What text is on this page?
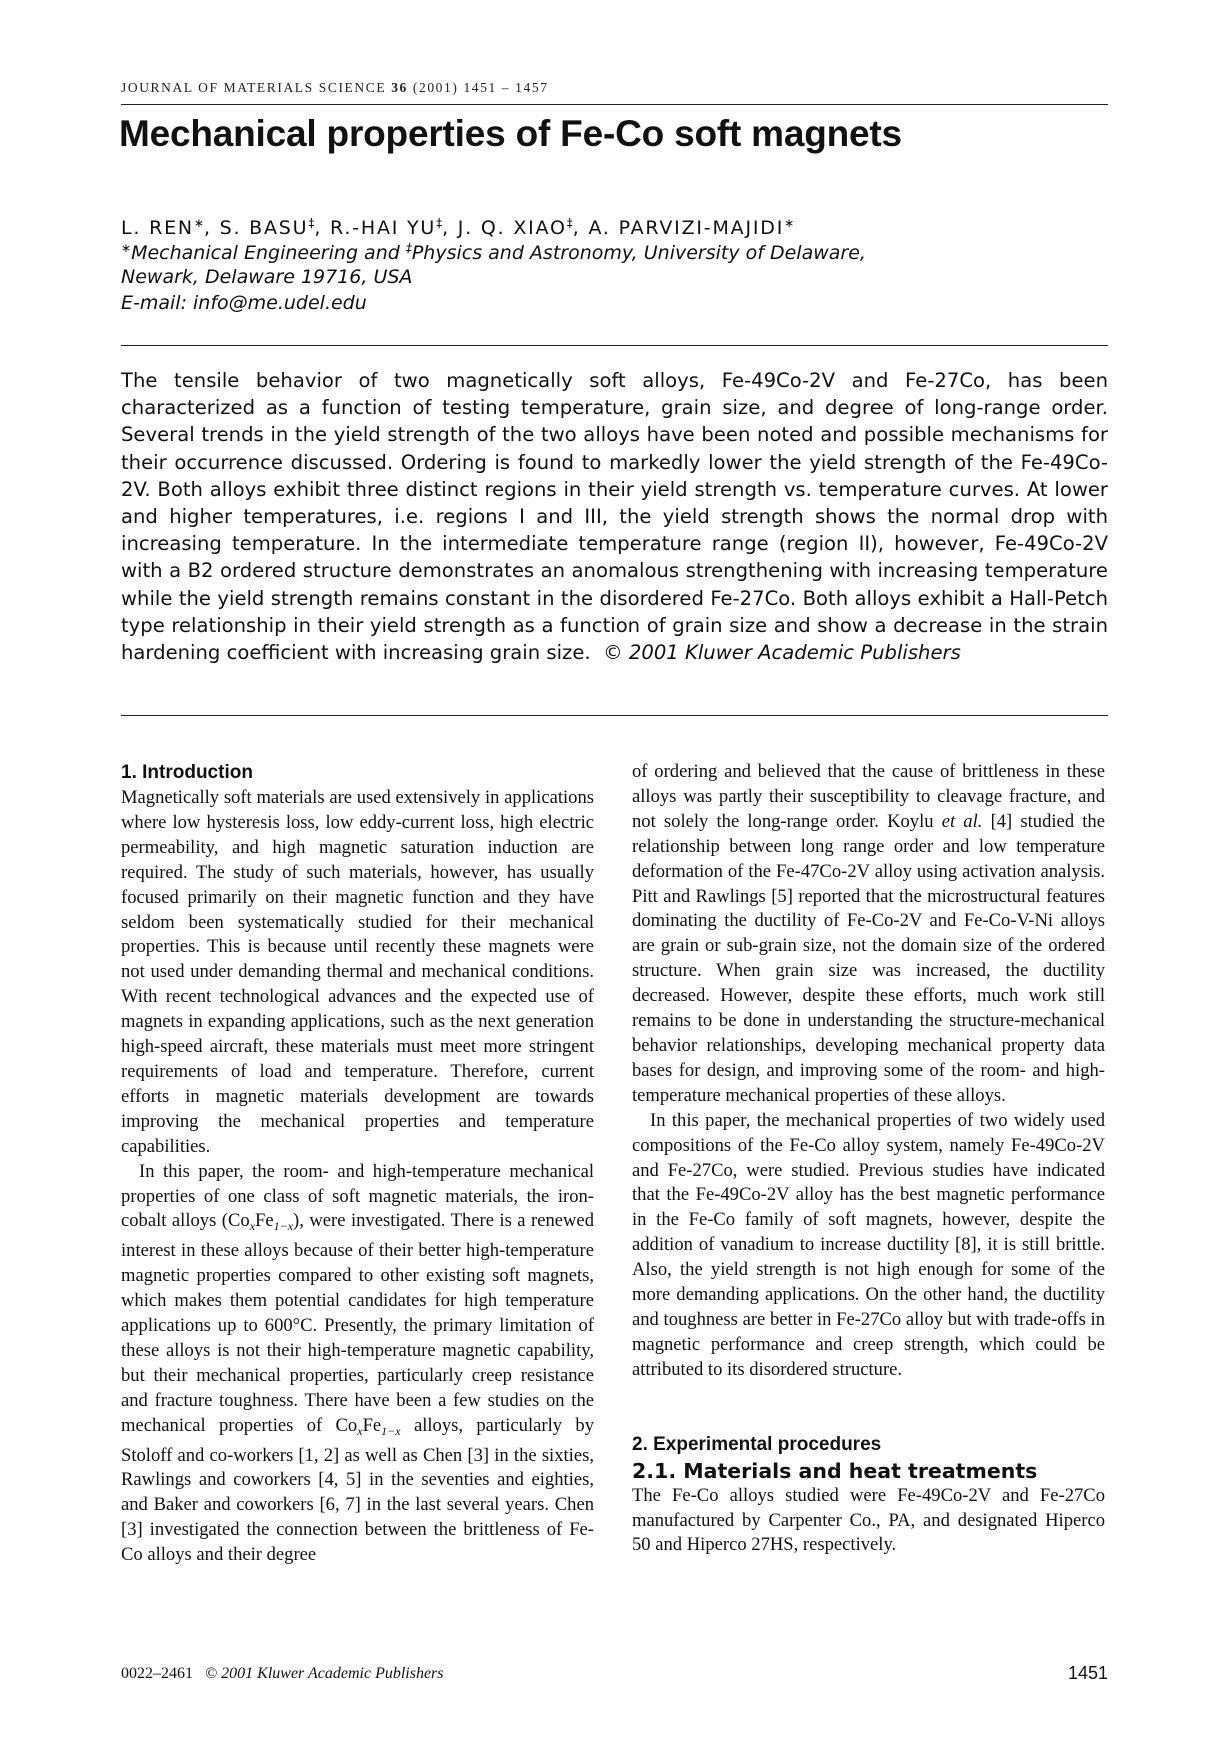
JOURNAL OF MATERIALS SCIENCE 36 (2001) 1451 – 1457
Mechanical properties of Fe-Co soft magnets
L. REN∗, S. BASU‡, R.-HAI YU‡, J. Q. XIAO‡, A. PARVIZI-MAJIDI∗
∗Mechanical Engineering and ‡Physics and Astronomy, University of Delaware,
Newark, Delaware 19716, USA
E-mail: info@me.udel.edu
The tensile behavior of two magnetically soft alloys, Fe-49Co-2V and Fe-27Co, has been characterized as a function of testing temperature, grain size, and degree of long-range order. Several trends in the yield strength of the two alloys have been noted and possible mechanisms for their occurrence discussed. Ordering is found to markedly lower the yield strength of the Fe-49Co-2V. Both alloys exhibit three distinct regions in their yield strength vs. temperature curves. At lower and higher temperatures, i.e. regions I and III, the yield strength shows the normal drop with increasing temperature. In the intermediate temperature range (region II), however, Fe-49Co-2V with a B2 ordered structure demonstrates an anomalous strengthening with increasing temperature while the yield strength remains constant in the disordered Fe-27Co. Both alloys exhibit a Hall-Petch type relationship in their yield strength as a function of grain size and show a decrease in the strain hardening coefficient with increasing grain size. © 2001 Kluwer Academic Publishers
1. Introduction

Magnetically soft materials are used extensively in applications where low hysteresis loss, low eddy-current loss, high electric permeability, and high magnetic saturation induction are required. The study of such materials, however, has usually focused primarily on their magnetic function and they have seldom been systematically studied for their mechanical properties. This is because until recently these magnets were not used under demanding thermal and mechanical conditions. With recent technological advances and the expected use of magnets in expanding applications, such as the next generation high-speed aircraft, these materials must meet more stringent requirements of load and temperature. Therefore, current efforts in magnetic materials development are towards improving the mechanical properties and temperature capabilities.

In this paper, the room- and high-temperature mechanical properties of one class of soft magnetic materials, the iron-cobalt alloys $(Co_xFe_{1-x})$, were investigated. There is a renewed interest in these alloys because of their better high-temperature magnetic properties compared to other existing soft magnets, which makes them potential candidates for high temperature applications up to 600°C. Presently, the primary limitation of these alloys is not their high-temperature magnetic capability, but their mechanical properties, particularly creep resistance and fracture toughness. There have been a few studies on the mechanical properties of $Co_xFe_{1-x}$ alloys, particularly by Stoloff and co-workers [1, 2] as well as Chen [3] in the sixties, Rawlings and coworkers [4, 5] in the seventies and eighties, and Baker and coworkers [6, 7] in the last several years. Chen [3] investigated the connection between the brittleness of Fe-Co alloys and their degree

of ordering and believed that the cause of brittleness in these alloys was partly their susceptibility to cleavage fracture, and not solely the long-range order. Koylu et al. [4] studied the relationship between long range order and low temperature deformation of the Fe-47Co-2V alloy using activation analysis. Pitt and Rawlings [5] reported that the microstructural features dominating the ductility of Fe-Co-2V and Fe-Co-V-Ni alloys are grain or sub-grain size, not the domain size of the ordered structure. When grain size was increased, the ductility decreased. However, despite these efforts, much work still remains to be done in understanding the structure-mechanical behavior relationships, developing mechanical property data bases for design, and improving some of the room- and high-temperature mechanical properties of these alloys.

In this paper, the mechanical properties of two widely used compositions of the Fe-Co alloy system, namely Fe-49Co-2V and Fe-27Co, were studied. Previous studies have indicated that the Fe-49Co-2V alloy has the best magnetic performance in the Fe-Co family of soft magnets, however, despite the addition of vanadium to increase ductility [8], it is still brittle. Also, the yield strength is not high enough for some of the more demanding applications. On the other hand, the ductility and toughness are better in Fe-27Co alloy but with trade-offs in magnetic performance and creep strength, which could be attributed to its disordered structure.

2. Experimental procedures
2.1. Materials and heat treatments

The Fe-Co alloys studied were Fe-49Co-2V and Fe-27Co manufactured by Carpenter Co., PA, and designated Hiperco 50 and Hiperco 27HS, respectively.

0022–2461 © 2001 Kluwer Academic Publishers	1451
